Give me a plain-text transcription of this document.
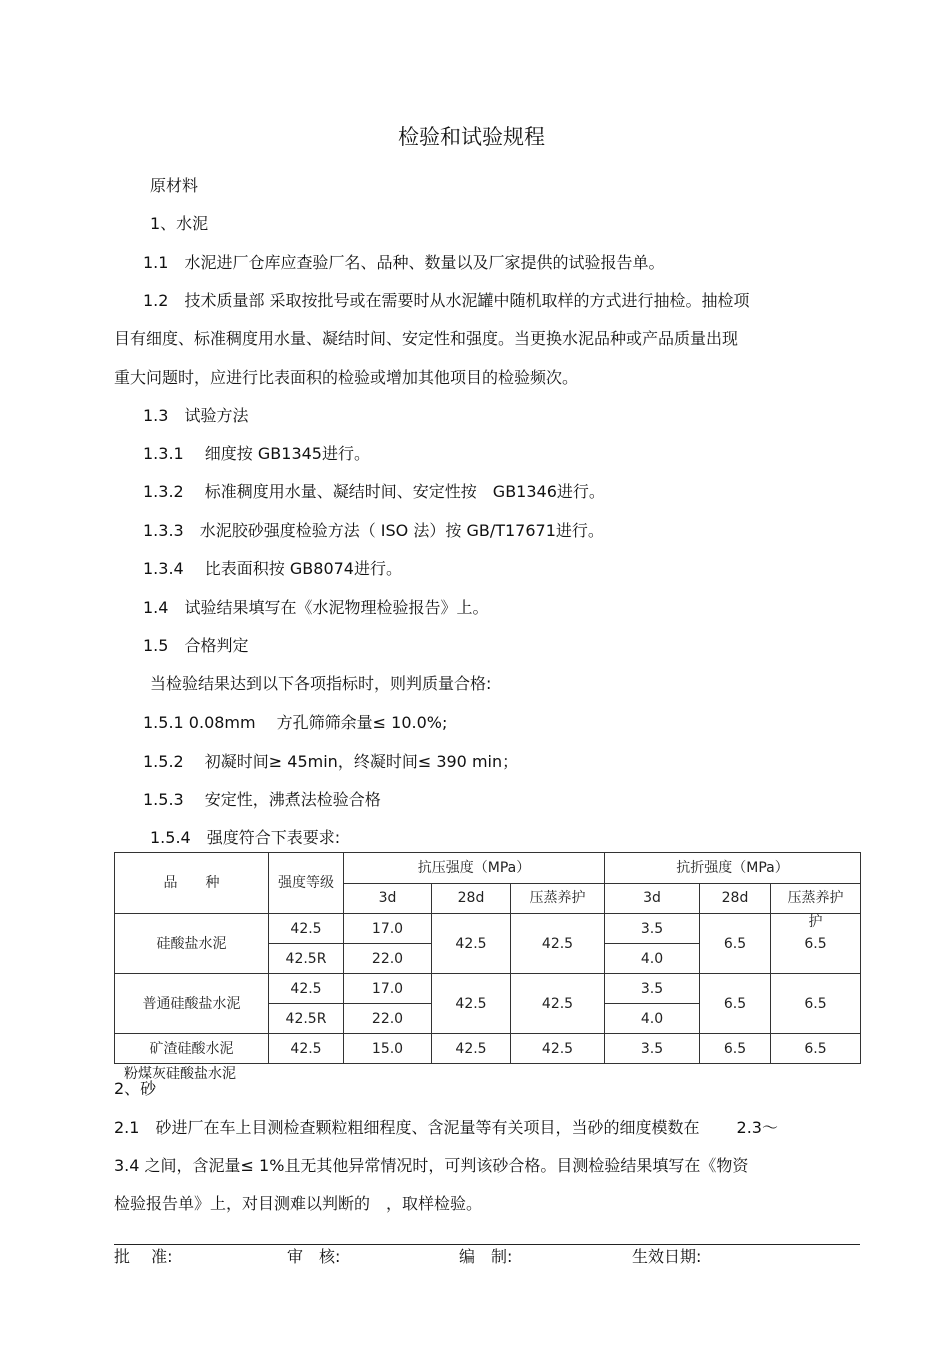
检验和试验规程
原材料
1、水泥
1.1　水泥进厂仓库应查验厂名、品种、数量以及厂家提供的试验报告单。
1.2　技术质量部 采取按批号或在需要时从水泥罐中随机取样的方式进行抽检。抽检项
目有细度、标准稠度用水量、凝结时间、安定性和强度。当更换水泥品种或产品质量出现
重大问题时，应进行比表面积的检验或增加其他项目的检验频次。
1.3　试验方法
1.3.1　 细度按 GB1345进行。
1.3.2　 标准稠度用水量、凝结时间、安定性按　GB1346进行。
1.3.3　水泥胶砂强度检验方法（ ISO 法）按 GB/T17671进行。
1.3.4　 比表面积按 GB8074进行。
1.4　试验结果填写在《水泥物理检验报告》上。
1.5　合格判定
当检验结果达到以下各项指标时，则判质量合格:
1.5.1 0.08mm　 方孔筛筛余量≤ 10.0%;
1.5.2　 初凝时间≥ 45min，终凝时间≤ 390 min；
1.5.3　 安定性，沸煮法检验合格
1.5.4　强度符合下表要求:
品　　种	强度等级	抗压强度（MPa）			抗折强度（MPa）		
		3d	28d	压蒸养护	3d	28d	压蒸养护
硅酸盐水泥	42.5	17.0	42.5	42.5	3.5	6.5	护
6.5
	42.5R	22.0			4.0		
普通硅酸盐水泥	42.5	17.0	42.5	42.5	3.5	6.5	6.5
	42.5R	22.0			4.0		
矿渣硅酸水泥	42.5	15.0	42.5	42.5	3.5	6.5	6.5
粉煤灰硅酸盐水泥
2、砂
2.1　砂进厂在车上目测检查颗粒粗细程度、含泥量等有关项目，当砂的细度模数在　　 2.3～
3.4 之间，含泥量≤ 1%且无其他异常情况时，可判该砂合格。目测检验结果填写在《物资
检验报告单》上，对目测难以判断的　，取样检验。
批　 准:	审　核:	编　制:	生效日期:
